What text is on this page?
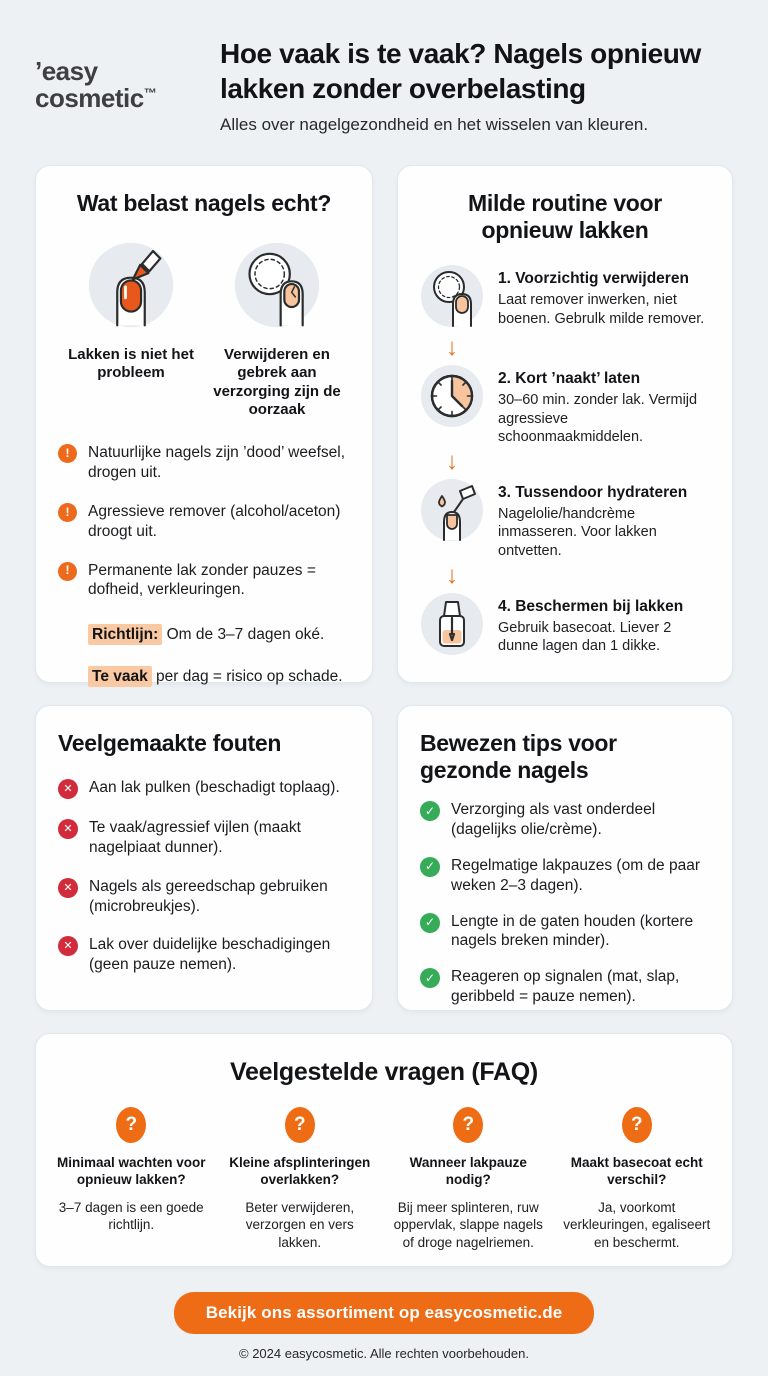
’easy
cosmetic™
Hoe vaak is te vaak? Nagels opnieuw
lakken zonder overbelasting
Alles over nagelgezondheid en het wisselen van kleuren.
Wat belast nagels echt?
Lakken is niet het probleem
Verwijderen en gebrek aan verzorging zijn de oorzaak
!
Natuurlijke nagels zijn ’dood’ weefsel, drogen uit.
!
Agressieve remover (alcohol/aceton) droogt uit.
!
Permanente lak zonder pauzes = dofheid, verkleuringen.
Richtlijn: Om de 3–7 dagen oké.
Te vaak per dag = risico op schade.
Milde routine voor
opnieuw lakken
1. Voorzichtig verwijderen
Laat remover inwerken, niet boenen. Gebrulk milde remover.
↓
2. Kort ’naakt’ laten
30–60 min. zonder lak. Vermijd agressieve schoonmaakmiddelen.
↓
3. Tussendoor hydrateren
Nagelolie/handcrème inmasseren. Voor lakken ontvetten.
↓
4. Beschermen bij lakken
Gebruik basecoat. Liever 2 dunne lagen dan 1 dikke.
Veelgemaakte fouten
✕
Aan lak pulken (beschadigt toplaag).
✕
Te vaak/agressief vijlen (maakt nagelpiaat dunner).
✕
Nagels als gereedschap gebruiken (microbreukjes).
✕
Lak over duidelijke beschadigingen (geen pauze nemen).
Bewezen tips voor
gezonde nagels
✓
Verzorging als vast onderdeel (dagelijks olie/crème).
✓
Regelmatige lakpauzes (om de paar weken 2–3 dagen).
✓
Lengte in de gaten houden (kortere nagels breken minder).
✓
Reageren op signalen (mat, slap, geribbeld = pauze nemen).
Veelgestelde vragen (FAQ)
?
Minimaal wachten voor opnieuw lakken?
3–7 dagen is een goede richtlijn.
?
Kleine afsplinteringen overlakken?
Beter verwijderen, verzorgen en vers lakken.
?
Wanneer lakpauze nodig?
Bij meer splinteren, ruw oppervlak, slappe nagels of droge nagelriemen.
?
Maakt basecoat echt verschil?
Ja, voorkomt verkleuringen, egaliseert en beschermt.
Bekijk ons assortiment op easycosmetic.de
© 2024 easycosmetic. Alle rechten voorbehouden.
